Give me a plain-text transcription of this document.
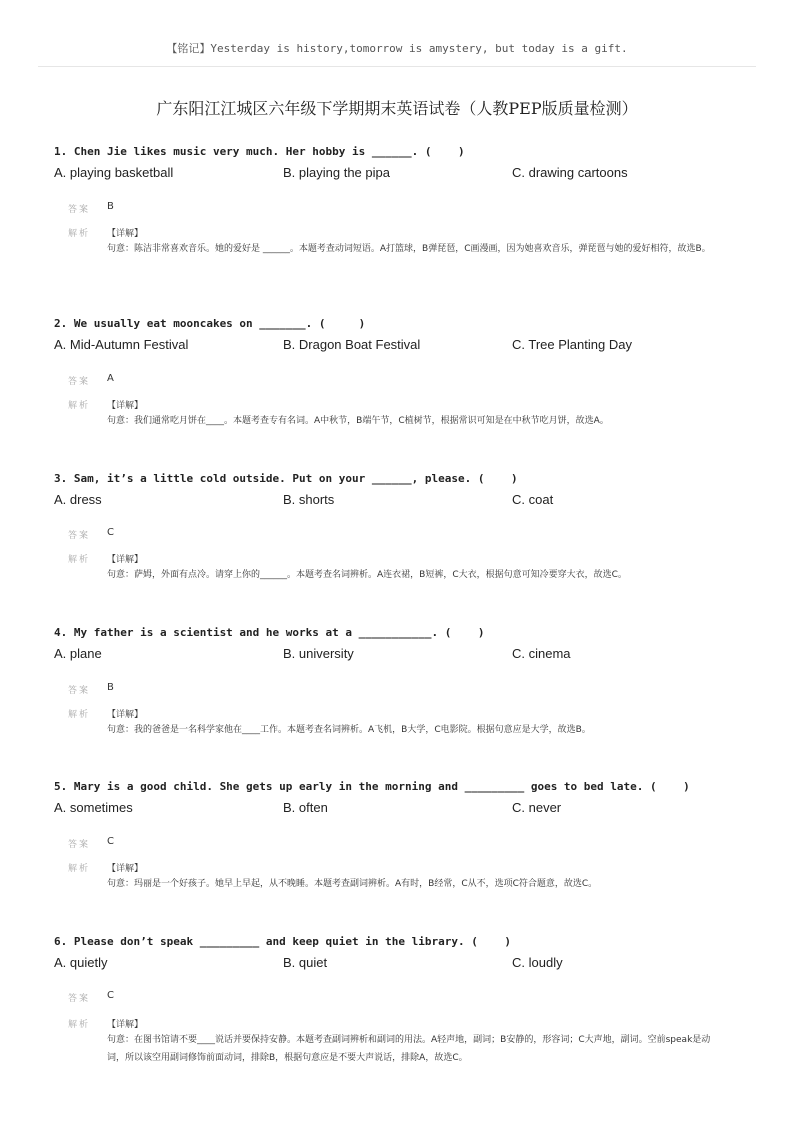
【铭记】Yesterday is history,tomorrow is amystery, but today is a gift.
广东阳江江城区六年级下学期期末英语试卷（人教PEP版质量检测）
1. Chen Jie likes music very much. Her hobby is ______. (    )
A. playing basketball	B. playing the pipa	C. drawing cartoons
答案 B
解析 【详解】
句意：陈洁非常喜欢音乐。她的爱好是 ______。本题考查动词短语。A打篮球，B弹琵琶，C画漫画，因为她喜欢音乐，弹琵琶与她的爱好相符，故选B。
2. We usually eat mooncakes on _______. (     )
A. Mid-Autumn Festival	B. Dragon Boat Festival	C. Tree Planting Day
答案 A
解析 【详解】
句意：我们通常吃月饼在____。本题考查专有名词。A中秋节，B端午节，C植树节，根据常识可知是在中秋节吃月饼，故选A。
3. Sam, it’s a little cold outside. Put on your ______, please. (    )
A. dress	B. shorts	C. coat
答案 C
解析 【详解】
句意：萨姆，外面有点冷。请穿上你的______。本题考查名词辨析。A连衣裙，B短裤，C大衣，根据句意可知冷要穿大衣，故选C。
4. My father is a scientist and he works at a ___________. (    )
A. plane	B. university	C. cinema
答案 B
解析 【详解】
句意：我的爸爸是一名科学家他在____工作。本题考查名词辨析。A飞机，B大学，C电影院。根据句意应是大学，故选B。
5. Mary is a good child. She gets up early in the morning and _________ goes to bed late. (    )
A. sometimes	B. often	C. never
答案 C
解析 【详解】
句意：玛丽是一个好孩子。她早上早起，从不晚睡。本题考查副词辨析。A有时，B经常，C从不，选项C符合题意，故选C。
6. Please don’t speak _________ and keep quiet in the library. (    )
A. quietly	B. quiet	C. loudly
答案 C
解析 【详解】
句意：在图书馆请不要____说话并要保持安静。本题考查副词辨析和副词的用法。A轻声地，副词；B安静的，形容词；C大声地，副词。空前speak是动词，所以该空用副词修饰前面动词，排除B，根据句意应是不要大声说话，排除A，故选C。
